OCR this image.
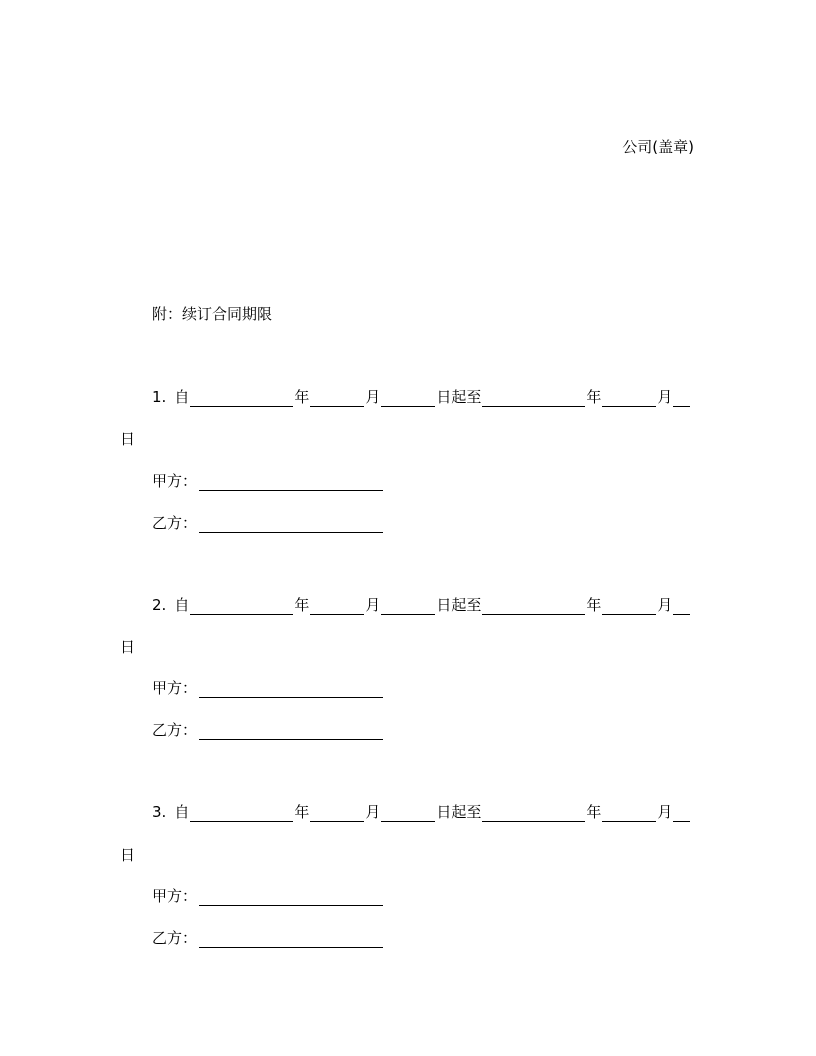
公司(盖章)
附：续订合同期限
1. 自	年	月	日起至	年	月
日
甲方：
乙方：
2. 自	年	月	日起至	年	月
日
甲方：
乙方：
3. 自	年	月	日起至	年	月
日
甲方：
乙方：
